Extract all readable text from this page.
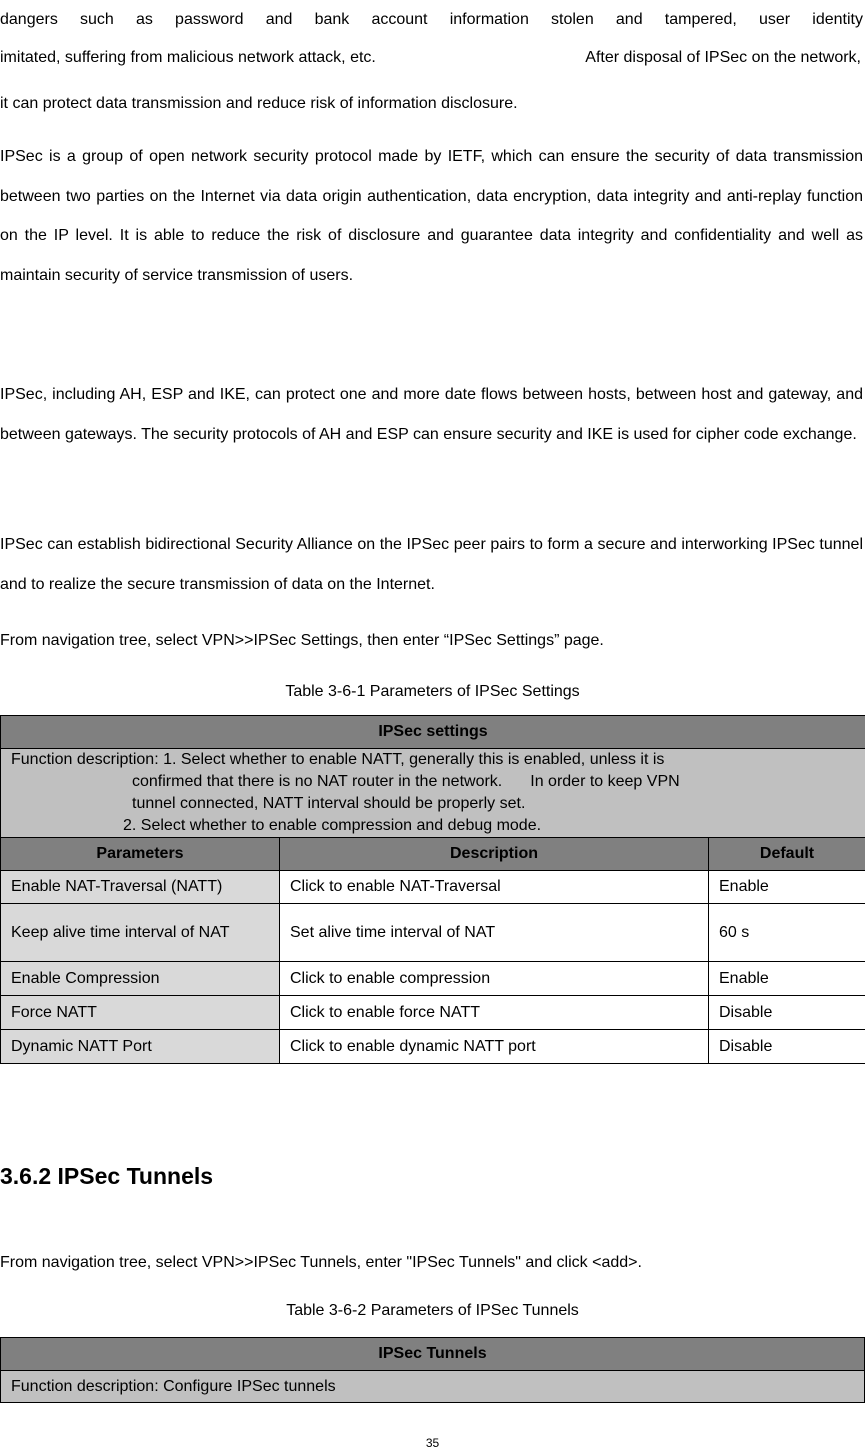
dangers such as password and bank account information stolen and tampered, user identity

imitated, suffering from malicious network attack, etc.	After disposal of IPSec on the network,

it can protect data transmission and reduce risk of information disclosure.

IPSec is a group of open network security protocol made by IETF, which can ensure the security of data transmission between two parties on the Internet via data origin authentication, data encryption, data integrity and anti-replay function on the IP level. It is able to reduce the risk of disclosure and guarantee data integrity and confidentiality and well as maintain security of service transmission of users.

IPSec, including AH, ESP and IKE, can protect one and more date flows between hosts, between host and gateway, and between gateways. The security protocols of AH and ESP can ensure security and IKE is used for cipher code exchange.

IPSec can establish bidirectional Security Alliance on the IPSec peer pairs to form a secure and interworking IPSec tunnel and to realize the secure transmission of data on the Internet.

From navigation tree, select VPN>>IPSec Settings, then enter “IPSec Settings” page.

Table 3-6-1 Parameters of IPSec Settings

IPSec settings		

Function description: 1. Select whether to enable NATT, generally this is enabled, unless it is
confirmed that there is no NAT router in the network. In order to keep VPN
tunnel connected, NATT interval should be properly set.
2. Select whether to enable compression and debug mode.		

Parameters	Description	Default
Enable NAT-Traversal (NATT)	Click to enable NAT-Traversal	Enable
Keep alive time interval of NAT	Set alive time interval of NAT	60 s
Enable Compression	Click to enable compression	Enable
Force NATT	Click to enable force NATT	Disable
Dynamic NATT Port	Click to enable dynamic NATT port	Disable
3.6.2 IPSec Tunnels

From navigation tree, select VPN>>IPSec Tunnels, enter "IPSec Tunnels" and click <add>.

Table 3-6-2 Parameters of IPSec Tunnels

IPSec Tunnels
Function description: Configure IPSec tunnels
35
